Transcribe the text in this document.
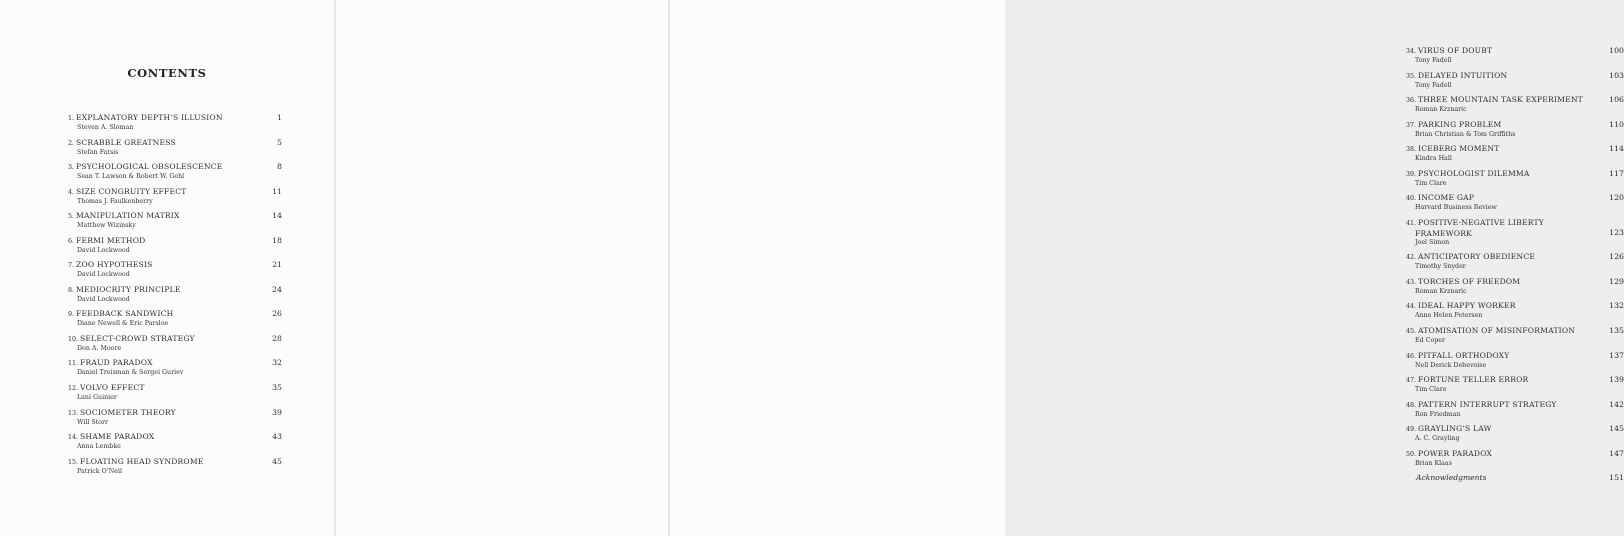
CONTENTS
1. EXPLANATORY DEPTH’S ILLUSION
Steven A. Sloman
1
2. SCRABBLE GREATNESS
Stefan Fatsis
5
3. PSYCHOLOGICAL OBSOLESCENCE
Sean T. Lawson & Robert W. Gehl
8
4. SIZE CONGRUITY EFFECT
Thomas J. Faulkenberry
11
5. MANIPULATION MATRIX
Matthew Wizinsky
14
6. FERMI METHOD
David Lockwood
18
7. ZOO HYPOTHESIS
David Lockwood
21
8. MEDIOCRITY PRINCIPLE
David Lockwood
24
9. FEEDBACK SANDWICH
Diane Newell & Eric Parsloe
26
10. SELECT-CROWD STRATEGY
Don A. Moore
28
11. FRAUD PARADOX
Daniel Treisman & Sergei Guriev
32
12. VOLVO EFFECT
Lani Guinier
35
13. SOCIOMETER THEORY
Will Storr
39
14. SHAME PARADOX
Anna Lembke
43
15. FLOATING HEAD SYNDROME
Patrick O’Neil
45
34. VIRUS OF DOUBT
Tony Fadell
100
35. DELAYED INTUITION
Tony Fadell
103
36. THREE MOUNTAIN TASK EXPERIMENT
Roman Krznaric
106
37. PARKING PROBLEM
Brian Christian & Tom Griffiths
110
38. ICEBERG MOMENT
Kindra Hall
114
39. PSYCHOLOGIST DILEMMA
Tim Clare
117
40. INCOME GAP
Harvard Business Review
120
41. POSITIVE-NEGATIVE LIBERTY
FRAMEWORK
Joel Simon
123
42. ANTICIPATORY OBEDIENCE
Timothy Snyder
126
43. TORCHES OF FREEDOM
Roman Krznaric
129
44. IDEAL HAPPY WORKER
Anne Helen Petersen
132
45. ATOMISATION OF MISINFORMATION
Ed Coper
135
46. PITFALL ORTHODOXY
Nell Derick Debevoise
137
47. FORTUNE TELLER ERROR
Tim Clare
139
48. PATTERN INTERRUPT STRATEGY
Ron Friedman
142
49. GRAYLING’S LAW
A. C. Grayling
145
50. POWER PARADOX
Brian Klaas
147
Acknowledgments	151
